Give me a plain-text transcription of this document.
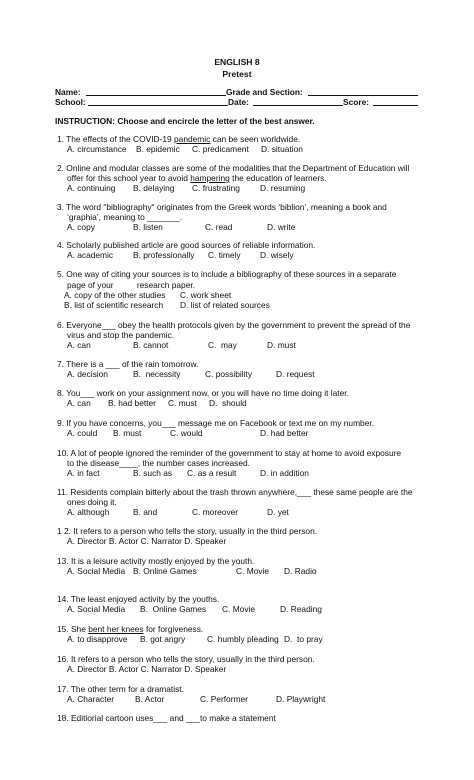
ENGLISH 8
Pretest
Name:	Grade and Section:
School:	Date:	Score:
INSTRUCTION: Choose and encircle the letter of the best answer.
1. The effects of the COVID-19 pandemic can be seen worldwide.
A. circumstance B. epidemic C. predicament D. situation
2. Online and modular classes are some of the modalities that the Department of Education will
offer for this school year to avoid hampering the education of learners.
A. continuing B. delaying C. frustrating D. resuming
3. The word "bibliography" originates from the Greek words ‘biblion’, meaning a book and
‘graphia’, meaning to _______.
A. copy	B. listen	C. read	D. write
4. Scholarly published article are good sources of reliable information.
A. academic B. professionally C. timely D. wisely
5. One way of citing your sources is to include a bibliography of these sources in a separate
page of your          research paper.
A. copy of the other studies C. work sheet
B. list of scientific research D. list of related sources
6. Everyone___ obey the health protocols given by the government to prevent the spread of the
virus and stop the pandemic.
A. can	B. cannot	C.  may	D. must
7. There is a ___ of the rain tomorrow.
A. decision	B.  necessity	C. possibility	D. request
8. You___ work on your assignment now, or you will have no time doing it later.
A. can B. had better C. must D.  should
9. If you have concerns, you___ message me on Facebook or text me on my number.
A. could B. must	C. would	D. had better
10. A lot of people ignored the reminder of the government to stay at home to avoid exposure
to the disease____, the number cases increased.
A. in fact	B. such as C. as a result	D. in addition
11. Residents complain bitterly about the trash thrown anywhere,___ these same people are the
ones doing it.
A. although	B. and	C. moreover	D. yet
1 2. It refers to a person who tells the story, usually in the third person.
A. Director B. Actor C. Narrator D. Speaker
13. It is a leisure activity mostly enjoyed by the youth.
A. Social Media B. Online Games	C. Movie D. Radio
14. The least enjoyed activity by the youths.
A. Social Media B.  Online Games C. Movie	D. Reading
15. She bent her knees for forgiveness.
A. to disapprove B. got angry	C. humbly pleading D.  to pray
16. It refers to a person who tells the story, usually in the third person.
A. Director B. Actor C. Narrator D. Speaker
17. The other term for a dramatist.
A. Character B. Actor	C. Performer	D. Playwright
18. Editiorial cartoon uses___ and ___to make a statement
